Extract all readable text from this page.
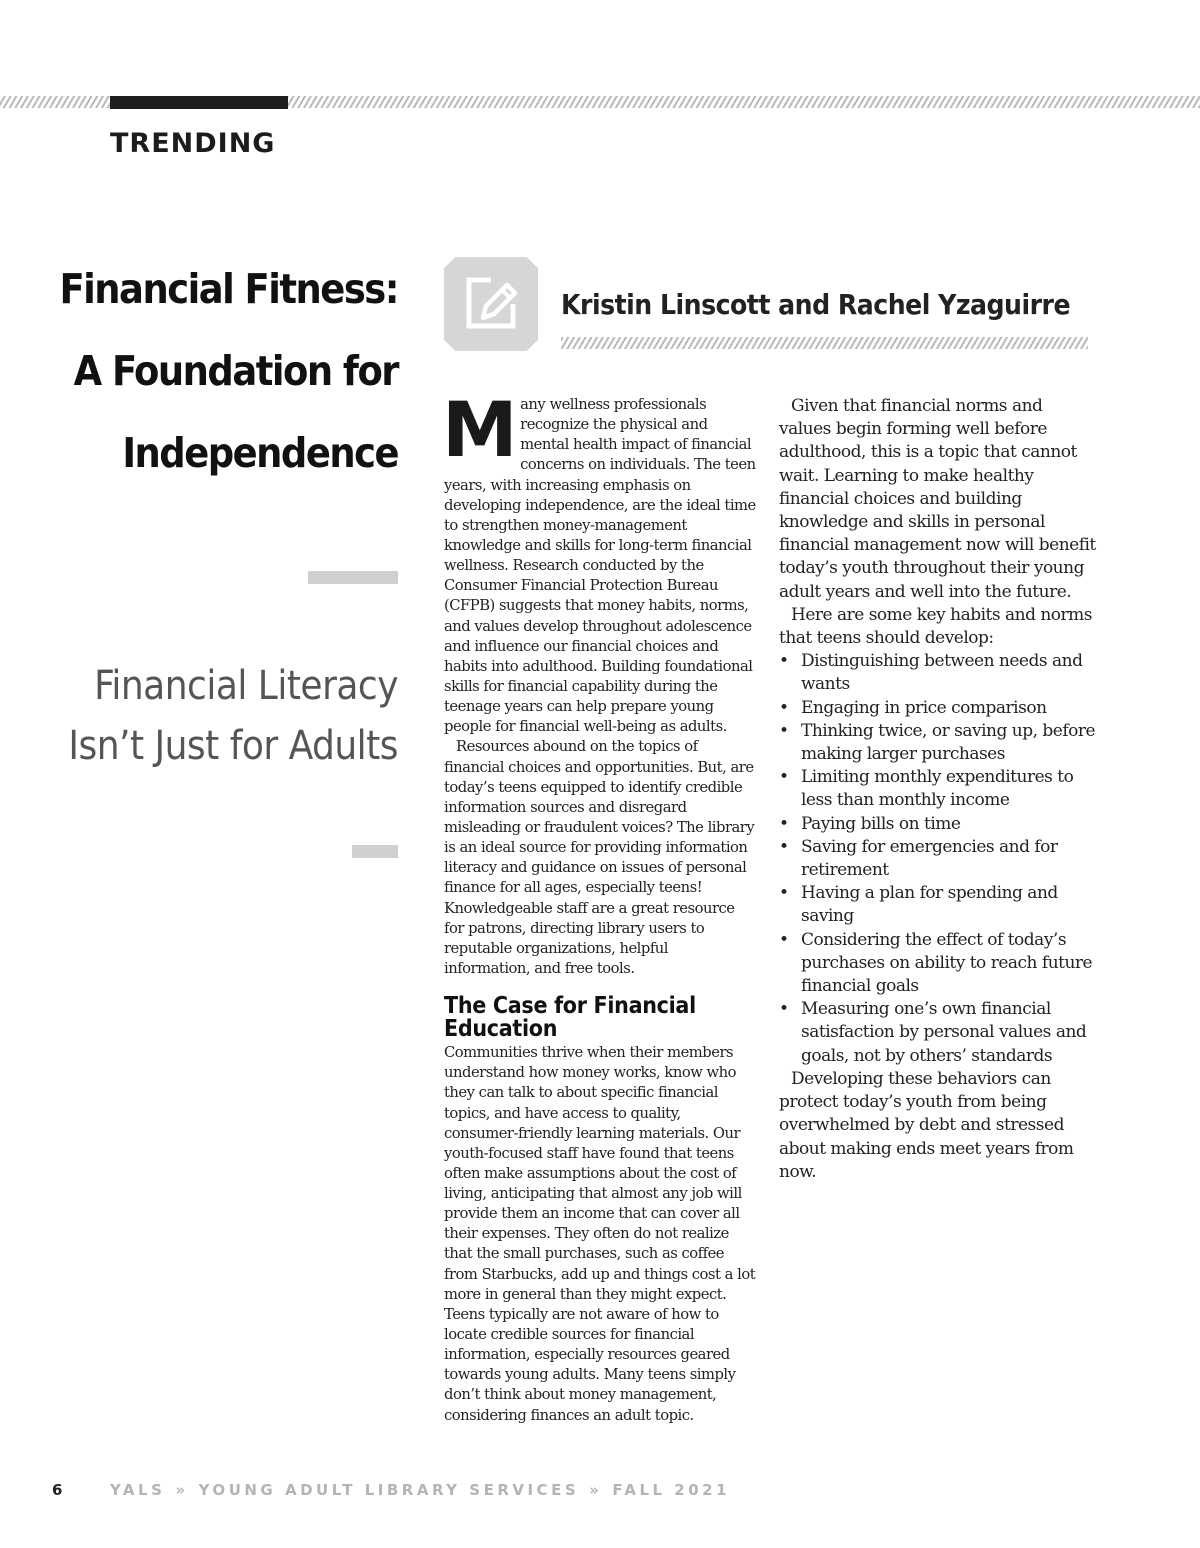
TRENDING
Financial Fitness: A Foundation for Independence
Financial Literacy Isn’t Just for Adults
Kristin Linscott and Rachel Yzaguirre

Many wellness professionals recognize the physical and mental health impact of financial concerns on individuals. The teen years, with increasing emphasis on developing independence, are the ideal time to strengthen money-management knowledge and skills for long-term financial wellness. Research conducted by the Consumer Financial Protection Bureau (CFPB) suggests that money habits, norms, and values develop throughout adolescence and influence our financial choices and habits into adulthood. Building foundational skills for financial capability during the teenage years can help prepare young people for financial well-being as adults.

Resources abound on the topics of financial choices and opportunities. But, are today’s teens equipped to identify credible information sources and disregard misleading or fraudulent voices? The library is an ideal source for providing information literacy and guidance on issues of personal finance for all ages, especially teens! Knowledgeable staff are a great resource for patrons, directing library users to reputable organizations, helpful information, and free tools.

The Case for Financial Education

Communities thrive when their members understand how money works, know who they can talk to about specific financial topics, and have access to quality, consumer-friendly learning materials. Our youth-focused staff have found that teens often make assumptions about the cost of living, anticipating that almost any job will provide them an income that can cover all their expenses. They often do not realize that the small purchases, such as coffee from Starbucks, add up and things cost a lot more in general than they might expect. Teens typically are not aware of how to locate credible sources for financial information, especially resources geared towards young adults. Many teens simply don’t think about money management, considering finances an adult topic.

Given that financial norms and values begin forming well before adulthood, this is a topic that cannot wait. Learning to make healthy financial choices and building knowledge and skills in personal financial management now will benefit today’s youth throughout their young adult years and well into the future.

Here are some key habits and norms that teens should develop:

• Distinguishing between needs and wants
• Engaging in price comparison
• Thinking twice, or saving up, before making larger purchases
• Limiting monthly expenditures to less than monthly income
• Paying bills on time
• Saving for emergencies and for retirement
• Having a plan for spending and saving
• Considering the effect of today’s purchases on ability to reach future financial goals
• Measuring one’s own financial satisfaction by personal values and goals, not by others’ standards

Developing these behaviors can protect today’s youth from being overwhelmed by debt and stressed about making ends meet years from now.

6	YALS » YOUNG ADULT LIBRARY SERVICES » FALL 2021
